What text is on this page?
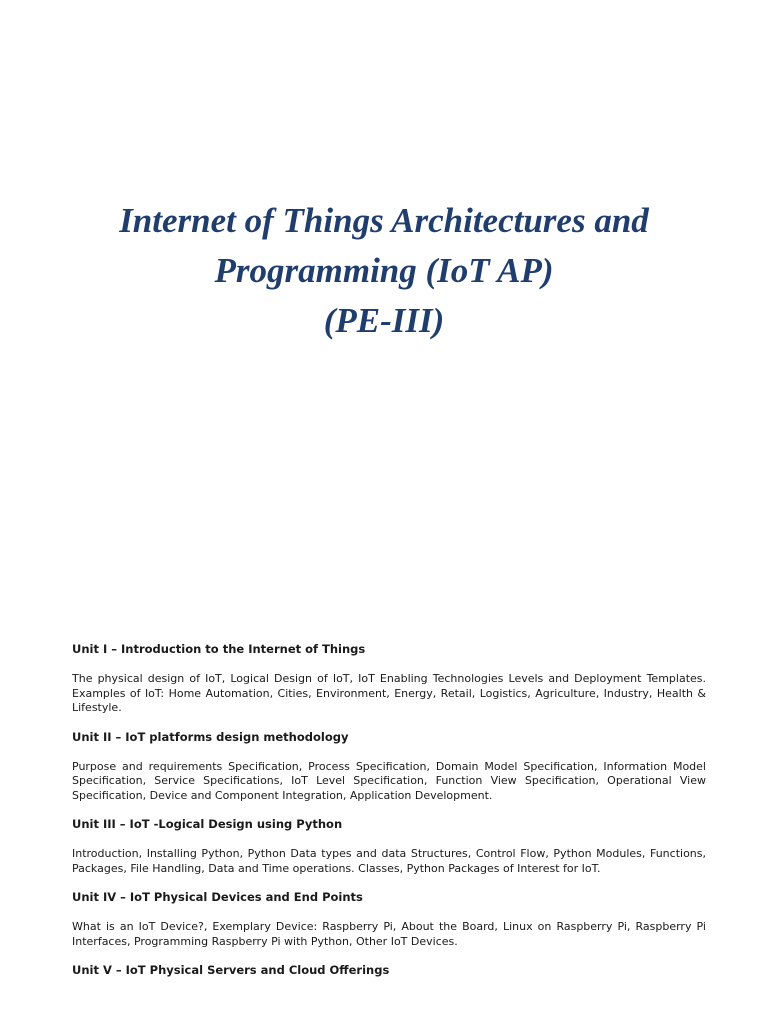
Internet of Things Architectures and
Programming (IoT AP)
(PE-III)

Unit I – Introduction to the Internet of Things

The physical design of IoT, Logical Design of IoT, IoT Enabling Technologies Levels and Deployment Templates. Examples of IoT: Home Automation, Cities, Environment, Energy, Retail, Logistics, Agriculture, Industry, Health & Lifestyle.

Unit II – IoT platforms design methodology

Purpose and requirements Specification, Process Specification, Domain Model Specification, Information Model Specification, Service Specifications, IoT Level Specification, Function View Specification, Operational View Specification, Device and Component Integration, Application Development.

Unit III – IoT -Logical Design using Python

Introduction, Installing Python, Python Data types and data Structures, Control Flow, Python Modules, Functions, Packages, File Handling, Data and Time operations. Classes, Python Packages of Interest for IoT.

Unit IV – IoT Physical Devices and End Points

What is an IoT Device?, Exemplary Device: Raspberry Pi, About the Board, Linux on Raspberry Pi, Raspberry Pi Interfaces, Programming Raspberry Pi with Python, Other IoT Devices.

Unit V – IoT Physical Servers and Cloud Offerings
